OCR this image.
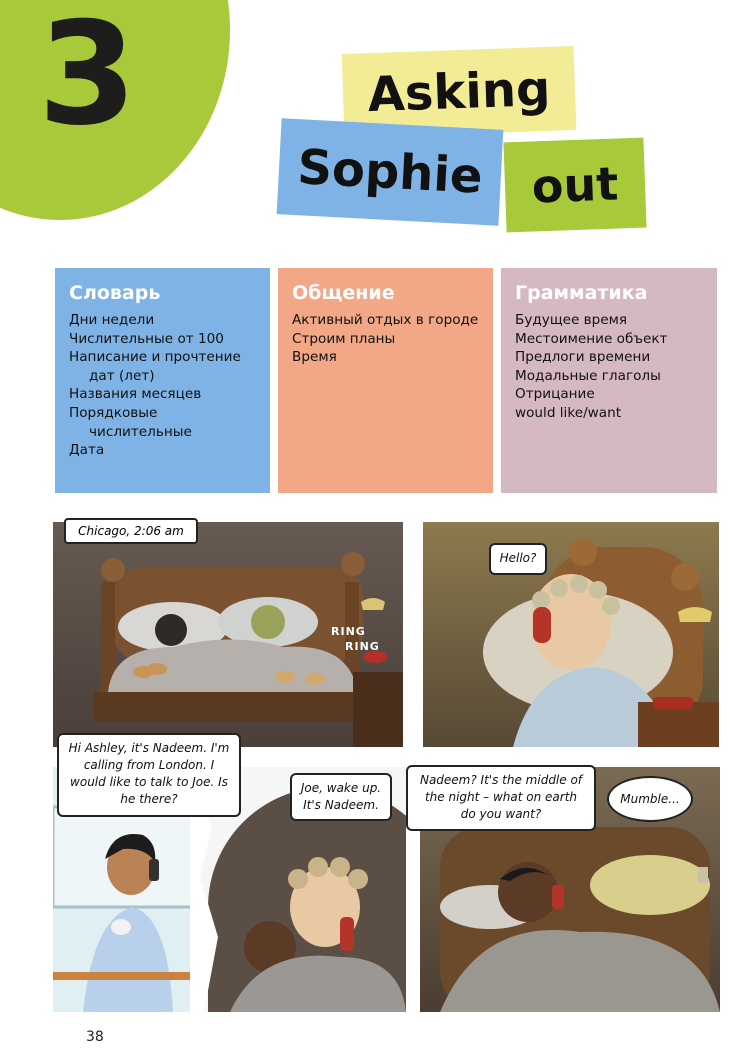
3	Asking
Sophie	out
Словарь
Дни недели
Числительные от 100
Написание и прочтение дат (лет)
Названия месяцев
Порядковые числительные
Дата
Общение
Активный отдых в городе
Строим планы
Время
Грамматика
Будущее время
Местоимение объект
Предлоги времени
Модальные глаголы
Отрицание
would like/want
RING
RING
Chicago, 2:06 am
Hello?
Hi Ashley, it's Nadeem. I'm calling from London. I would like to talk to Joe. Is he there?
Joe, wake up. It's Nadeem.
Nadeem? It's the middle of the night – what on earth do you want?
Mumble...
38
